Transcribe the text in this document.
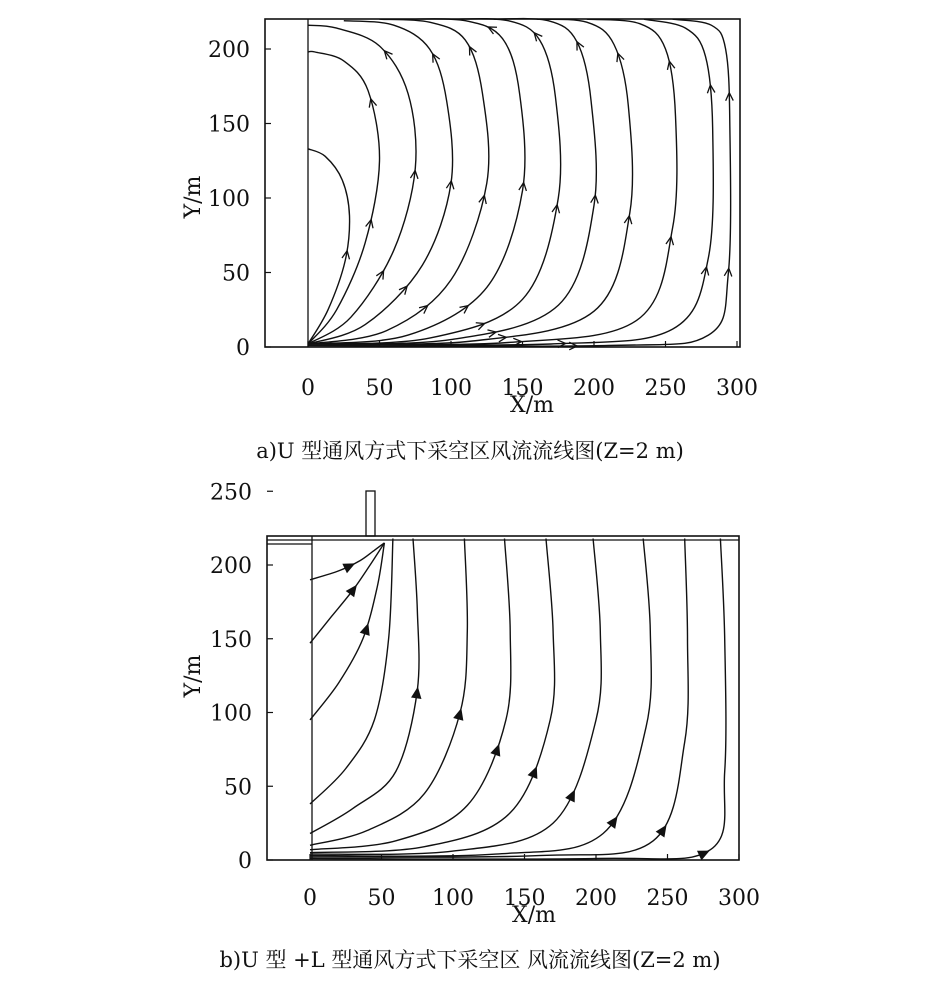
0 50 100 150 200 250 300
0
50
100
150
200
X/m
Y/m
a)U 型通风方式下采空区风流流线图(Z=2 m)
0 50 100 150 200 250 300
0
50
100
150
200
250
X/m
Y/m
b)U 型 +L 型通风方式下采空区 风流流线图(Z=2 m)
